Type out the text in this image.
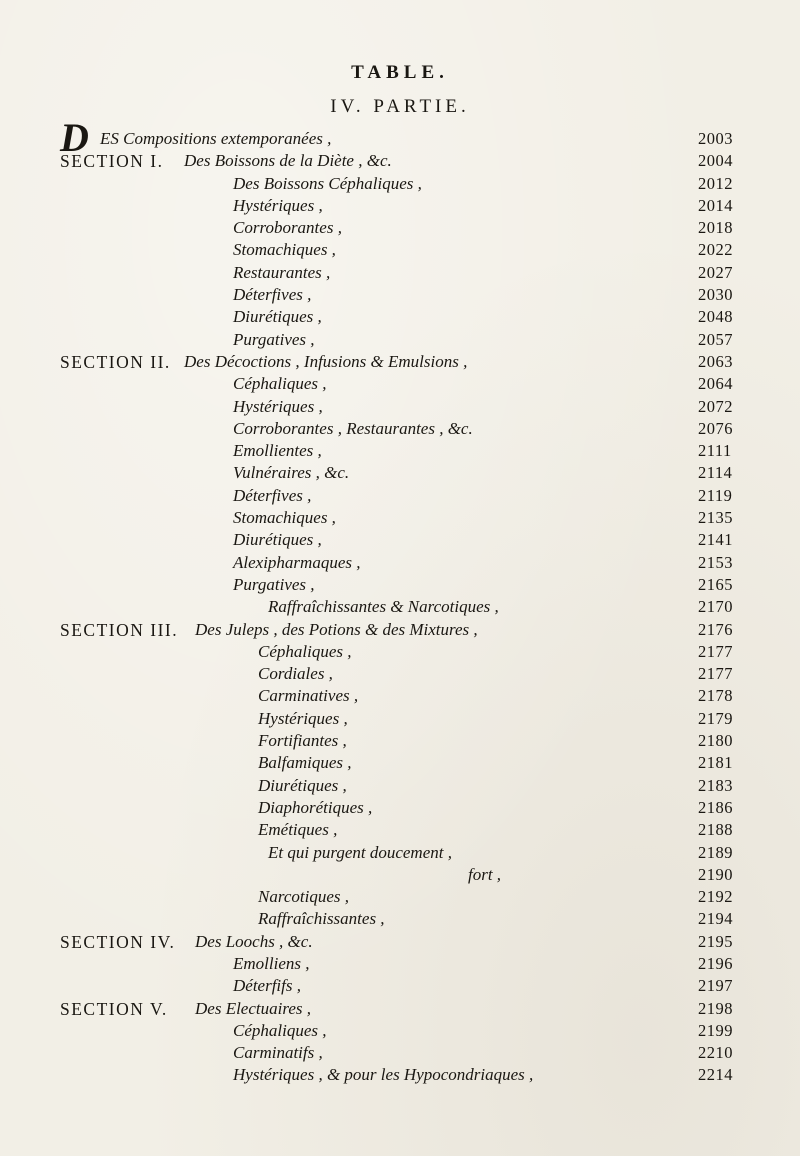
TABLE.
IV. PARTIE.
D ES Compositions extemporanées ,	2003
SECTION I. Des Boissons de la Diète , &c.	2004
Des Boissons Céphaliques ,	2012
Hystériques ,	2014
Corroborantes ,	2018
Stomachiques ,	2022
Restaurantes ,	2027
Déterfives ,	2030
Diurétiques ,	2048
Purgatives ,	2057
SECTION II. Des Décoctions , Infusions & Emulsions ,	2063
Céphaliques ,	2064
Hystériques ,	2072
Corroborantes , Restaurantes , &c.	2076
Emollientes ,	2111
Vulnéraires , &c.	2114
Déterfives ,	2119
Stomachiques ,	2135
Diurétiques ,	2141
Alexipharmaques ,	2153
Purgatives ,	2165
Raffraîchissantes & Narcotiques ,	2170
SECTION III. Des Juleps , des Potions & des Mixtures ,	2176
Céphaliques ,	2177
Cordiales ,	2177
Carminatives ,	2178
Hystériques ,	2179
Fortifiantes ,	2180
Balfamiques ,	2181
Diurétiques ,	2183
Diaphorétiques ,	2186
Emétiques ,	2188
Et qui purgent doucement ,	2189
fort ,	2190
Narcotiques ,	2192
Raffraîchissantes ,	2194
SECTION IV. Des Loochs , &c.	2195
Emolliens ,	2196
Déterfifs ,	2197
SECTION V. Des Electuaires ,	2198
Céphaliques ,	2199
Carminatifs ,	2210
Hystériques , & pour les Hypocondriaques ,	2214
